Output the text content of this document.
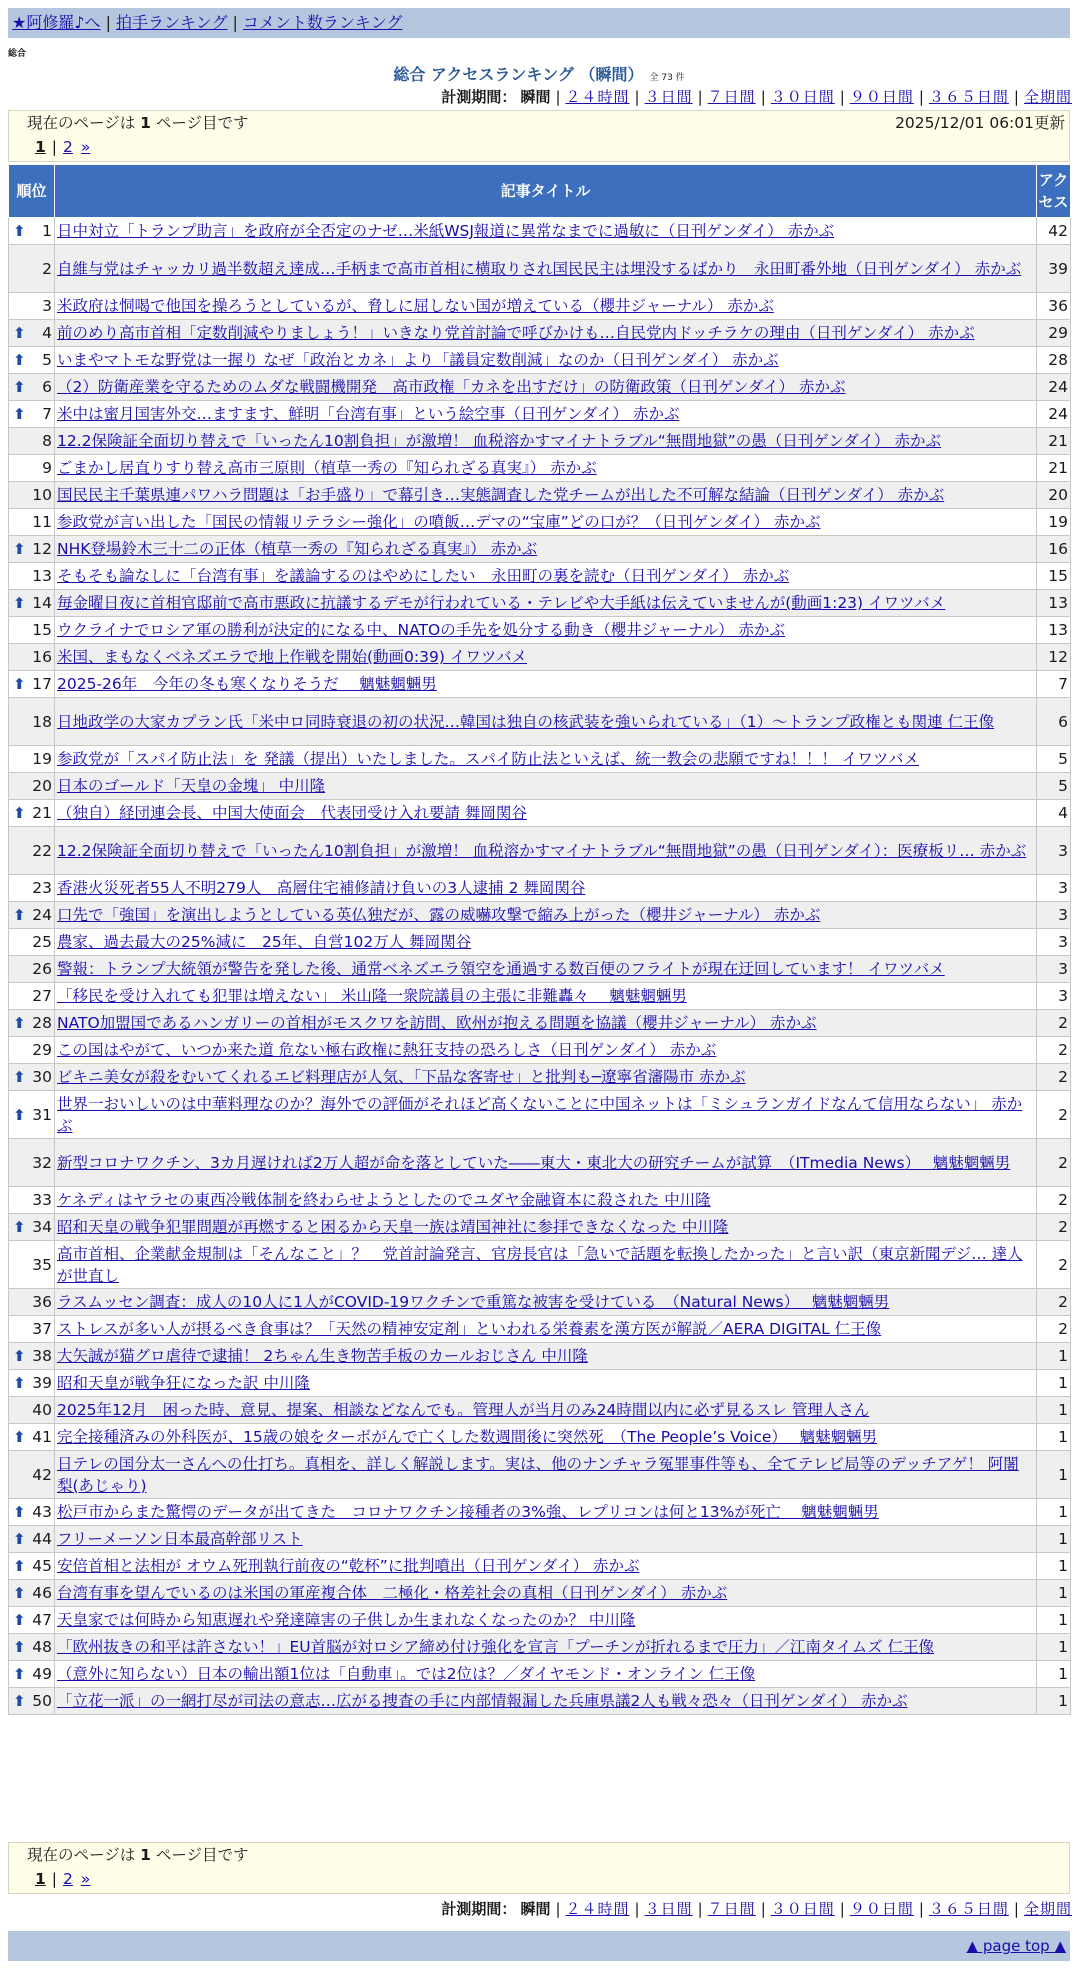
★阿修羅♪へ | 拍手ランキング | コメント数ランキング
総合
総合 アクセスランキング （瞬間） 全 73 件
計測期間： 瞬間 | ２４時間 | ３日間 | ７日間 | ３０日間 | ９０日間 | ３６５日間 | 全期間
現在のページは 1 ページ目です	2025/12/01 06:01更新
1 | 2 »
順位	記事タイトル	アクセス

⬆ 1	日中対立「トランプ助言」を政府が全否定のナゼ…米紙WSJ報道に異常なまでに過敏に（日刊ゲンダイ） 赤かぶ	42
2	自維与党はチャッカリ過半数超え達成…手柄まで高市首相に横取りされ国民民主は埋没するばかり　永田町番外地（日刊ゲンダイ） 赤かぶ	39
3	米政府は恫喝で他国を操ろうとしているが、脅しに屈しない国が増えている（櫻井ジャーナル） 赤かぶ	36

⬆ 4	前のめり高市首相「定数削減やりましょう！」いきなり党首討論で呼びかけも…自民党内ドッチラケの理由（日刊ゲンダイ） 赤かぶ	29

⬆ 5	いまやマトモな野党は一握り なぜ「政治とカネ」より「議員定数削減」なのか（日刊ゲンダイ） 赤かぶ	28

⬆ 6	（2）防衛産業を守るためのムダな戦闘機開発　高市政権「カネを出すだけ」の防衛政策（日刊ゲンダイ） 赤かぶ	24

⬆ 7	米中は蜜月国害外交…ますます、鮮明「台湾有事」という絵空事（日刊ゲンダイ） 赤かぶ	24
8	12.2保険証全面切り替えで「いったん10割負担」が激増！ 血税溶かすマイナトラブル“無間地獄”の愚（日刊ゲンダイ） 赤かぶ	21
9	ごまかし居直りすり替え高市三原則（植草一秀の『知られざる真実』） 赤かぶ	21
10	国民民主千葉県連パワハラ問題は「お手盛り」で幕引き…実態調査した党チームが出した不可解な結論（日刊ゲンダイ） 赤かぶ	20
11	参政党が言い出した「国民の情報リテラシー強化」の噴飯…デマの“宝庫”どの口が？（日刊ゲンダイ） 赤かぶ	19

⬆ 12	NHK登場鈴木三十二の正体（植草一秀の『知られざる真実』） 赤かぶ	16
13	そもそも論なしに「台湾有事」を議論するのはやめにしたい　永田町の裏を読む（日刊ゲンダイ） 赤かぶ	15

⬆ 14	毎金曜日夜に首相官邸前で高市悪政に抗議するデモが行われている・テレビや大手紙は伝えていませんが(動画1:23) イワツバメ	13
15	ウクライナでロシア軍の勝利が決定的になる中、NATOの手先を処分する動き（櫻井ジャーナル） 赤かぶ	13
16	米国、まもなくベネズエラで地上作戦を開始(動画0:39) イワツバメ	12

⬆ 17	2025-26年　今年の冬も寒くなりそうだ　 魑魅魍魎男	7
18	日地政学の大家カプラン氏「米中ロ同時衰退の初の状況…韓国は独自の核武装を強いられている」（1）～トランプ政権とも関連 仁王像	6
19	参政党が「スパイ防止法」を 発議（提出）いたしました。スパイ防止法といえば、統一教会の悲願ですね！！！ イワツバメ	5
20	日本のゴールド「天皇の金塊」 中川隆	5

⬆ 21	（独自）経団連会長、中国大使面会　代表団受け入れ要請 舞岡関谷	4
22	12.2保険証全面切り替えで「いったん10割負担」が激増！ 血税溶かすマイナトラブル“無間地獄”の愚（日刊ゲンダイ）：医療板リ… 赤かぶ	3
23	香港火災死者55人不明279人　高層住宅補修請け負いの3人逮捕 2 舞岡関谷	3

⬆ 24	口先で「強国」を演出しようとしている英仏独だが、露の威嚇攻撃で縮み上がった（櫻井ジャーナル） 赤かぶ	3
25	農家、過去最大の25%減に　25年、自営102万人 舞岡関谷	3
26	警報：トランプ大統領が警告を発した後、通常ベネズエラ領空を通過する数百便のフライトが現在迂回しています！ イワツバメ	3
27	「移民を受け入れても犯罪は増えない」 米山隆一衆院議員の主張に非難轟々　 魑魅魍魎男	3

⬆ 28	NATO加盟国であるハンガリーの首相がモスクワを訪問、欧州が抱える問題を協議（櫻井ジャーナル） 赤かぶ	2
29	この国はやがて、いつか来た道 危ない極右政権に熱狂支持の恐ろしさ（日刊ゲンダイ） 赤かぶ	2

⬆ 30	ビキニ美女が殺をむいてくれるエビ料理店が人気、「下品な客寄せ」と批判も─遼寧省瀋陽市 赤かぶ	2

⬆ 31	世界一おいしいのは中華料理なのか？海外での評価がそれほど高くないことに中国ネットは「ミシュランガイドなんて信用ならない」 赤かぶ	2
32	新型コロナワクチン、3カ月遅ければ2万人超が命を落としていた――東大・東北大の研究チームが試算　（ITmedia News）　 魑魅魍魎男	2
33	ケネディはヤラセの東西冷戦体制を終わらせようとしたのでユダヤ金融資本に殺された 中川隆	2

⬆ 34	昭和天皇の戦争犯罪問題が再燃すると困るから天皇一族は靖国神社に参拝できなくなった 中川隆	2
35	高市首相、企業献金規制は「そんなこと」？　党首討論発言、官房長官は「急いで話題を転換したかった」と言い訳（東京新聞デジ… 達人が世直し	2
36	ラスムッセン調査：成人の10人に1人がCOVID-19ワクチンで重篤な被害を受けている　（Natural News）　 魑魅魍魎男	2
37	ストレスが多い人が摂るべき食事は？「天然の精神安定剤」といわれる栄養素を漢方医が解説／AERA DIGITAL 仁王像	2

⬆ 38	大矢誠が猫グロ虐待で逮捕！ 2ちゃん生き物苦手板のカールおじさん 中川隆	1

⬆ 39	昭和天皇が戦争狂になった訳 中川隆	1
40	2025年12月　困った時、意見、提案、相談などなんでも。管理人が当月のみ24時間以内に必ず見るスレ 管理人さん	1

⬆ 41	完全接種済みの外科医が、15歳の娘をターボがんで亡くした数週間後に突然死　（The People’s Voice）　 魑魅魍魎男	1
42	日テレの国分太一さんへの仕打ち。真相を、詳しく解説します。実は、他のナンチャラ冤罪事件等も、全てテレビ局等のデッチアゲ！ 阿闍梨(あじゃり)	1

⬆ 43	松戸市からまた驚愕のデータが出てきた　コロナワクチン接種者の3%強、レプリコンは何と13%が死亡　 魑魅魍魎男	1

⬆ 44	フリーメーソン日本最高幹部リスト	1

⬆ 45	安倍首相と法相が オウム死刑執行前夜の“乾杯”に批判噴出（日刊ゲンダイ） 赤かぶ	1

⬆ 46	台湾有事を望んでいるのは米国の軍産複合体　二極化・格差社会の真相（日刊ゲンダイ） 赤かぶ	1

⬆ 47	天皇家では何時から知恵遅れや発達障害の子供しか生まれなくなったのか？ 中川隆	1

⬆ 48	「欧州抜きの和平は許さない！」EU首脳が対ロシア締め付け強化を宣言「プーチンが折れるまで圧力」／江南タイムズ 仁王像	1

⬆ 49	（意外に知らない）日本の輸出額1位は「自動車」。では2位は？／ダイヤモンド・オンライン 仁王像	1

⬆ 50	「立花一派」の一網打尽が司法の意志…広がる捜査の手に内部情報漏した兵庫県議2人も戦々恐々（日刊ゲンダイ） 赤かぶ	1
現在のページは 1 ページ目です
1 | 2 »
計測期間： 瞬間 | ２４時間 | ３日間 | ７日間 | ３０日間 | ９０日間 | ３６５日間 | 全期間
▲ page top ▲
